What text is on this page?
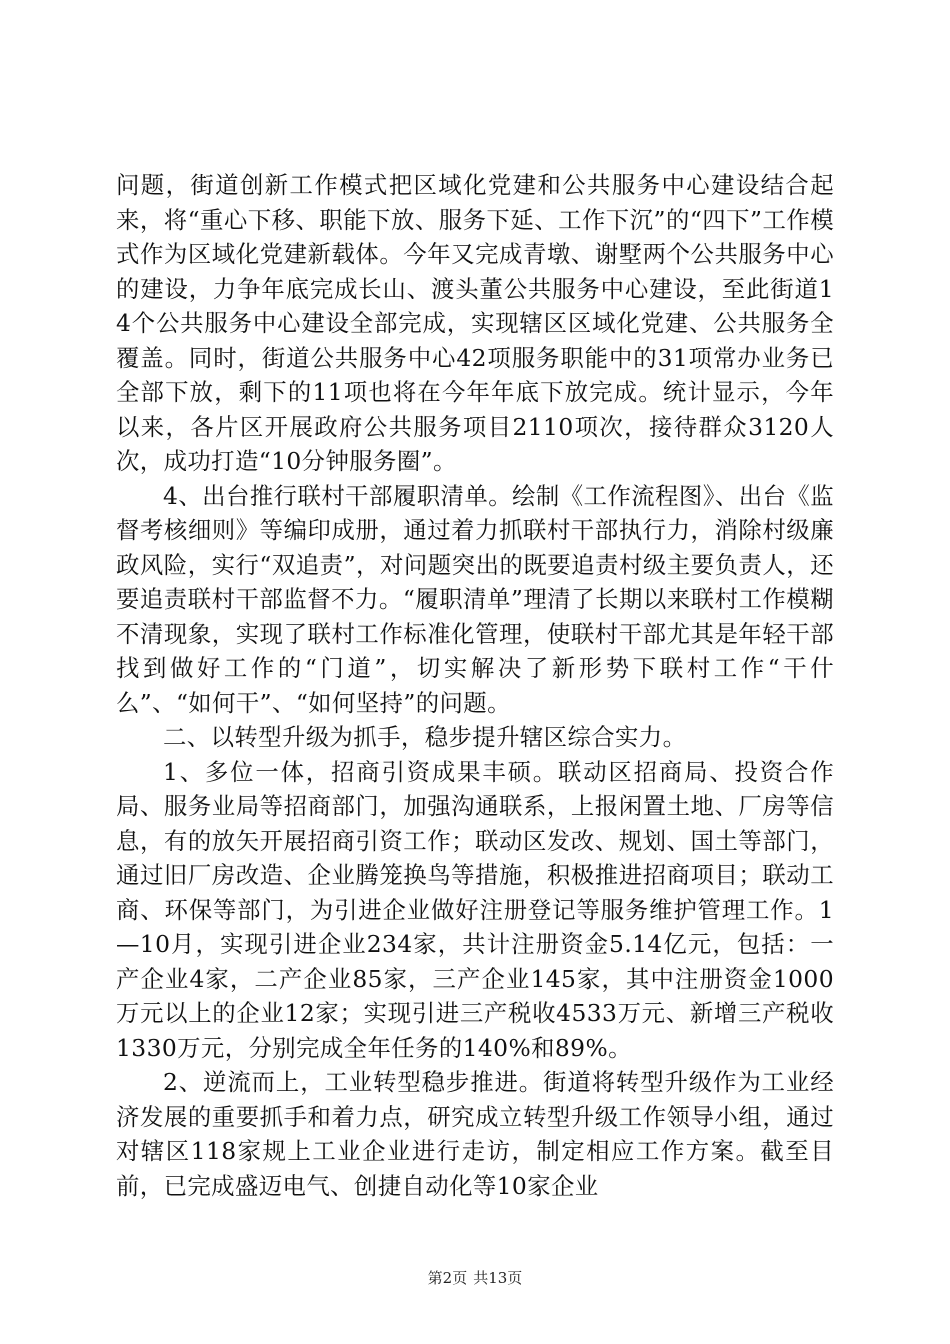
问题，街道创新工作模式把区域化党建和公共服务中心建设结合起来，将“重心下移、职能下放、服务下延、工作下沉”的“四下”工作模式作为区域化党建新载体。今年又完成青墩、谢墅两个公共服务中心的建设，力争年底完成长山、渡头董公共服务中心建设，至此街道14个公共服务中心建设全部完成，实现辖区区域化党建、公共服务全覆盖。同时，街道公共服务中心42项服务职能中的31项常办业务已全部下放，剩下的11项也将在今年年底下放完成。统计显示，今年以来，各片区开展政府公共服务项目2110项次，接待群众3120人次，成功打造“10分钟服务圈”。

4、出台推行联村干部履职清单。绘制《工作流程图》、出台《监督考核细则》等编印成册，通过着力抓联村干部执行力，消除村级廉政风险，实行“双追责”，对问题突出的既要追责村级主要负责人，还要追责联村干部监督不力。“履职清单”理清了长期以来联村工作模糊不清现象，实现了联村工作标准化管理，使联村干部尤其是年轻干部找到做好工作的“门道”，切实解决了新形势下联村工作“干什么”、“如何干”、“如何坚持”的问题。

二、以转型升级为抓手，稳步提升辖区综合实力。

1、多位一体，招商引资成果丰硕。联动区招商局、投资合作局、服务业局等招商部门，加强沟通联系，上报闲置土地、厂房等信息，有的放矢开展招商引资工作；联动区发改、规划、国土等部门，通过旧厂房改造、企业腾笼换鸟等措施，积极推进招商项目；联动工商、环保等部门，为引进企业做好注册登记等服务维护管理工作。1—10月，实现引进企业234家，共计注册资金5.14亿元，包括：一产企业4家，二产企业85家，三产企业145家，其中注册资金1000万元以上的企业12家；实现引进三产税收4533万元、新增三产税收1330万元，分别完成全年任务的140%和89%。

2、逆流而上，工业转型稳步推进。街道将转型升级作为工业经济发展的重要抓手和着力点，研究成立转型升级工作领导小组，通过对辖区118家规上工业企业进行走访，制定相应工作方案。截至目前，已完成盛迈电气、创捷自动化等10家企业

第2页 共13页
